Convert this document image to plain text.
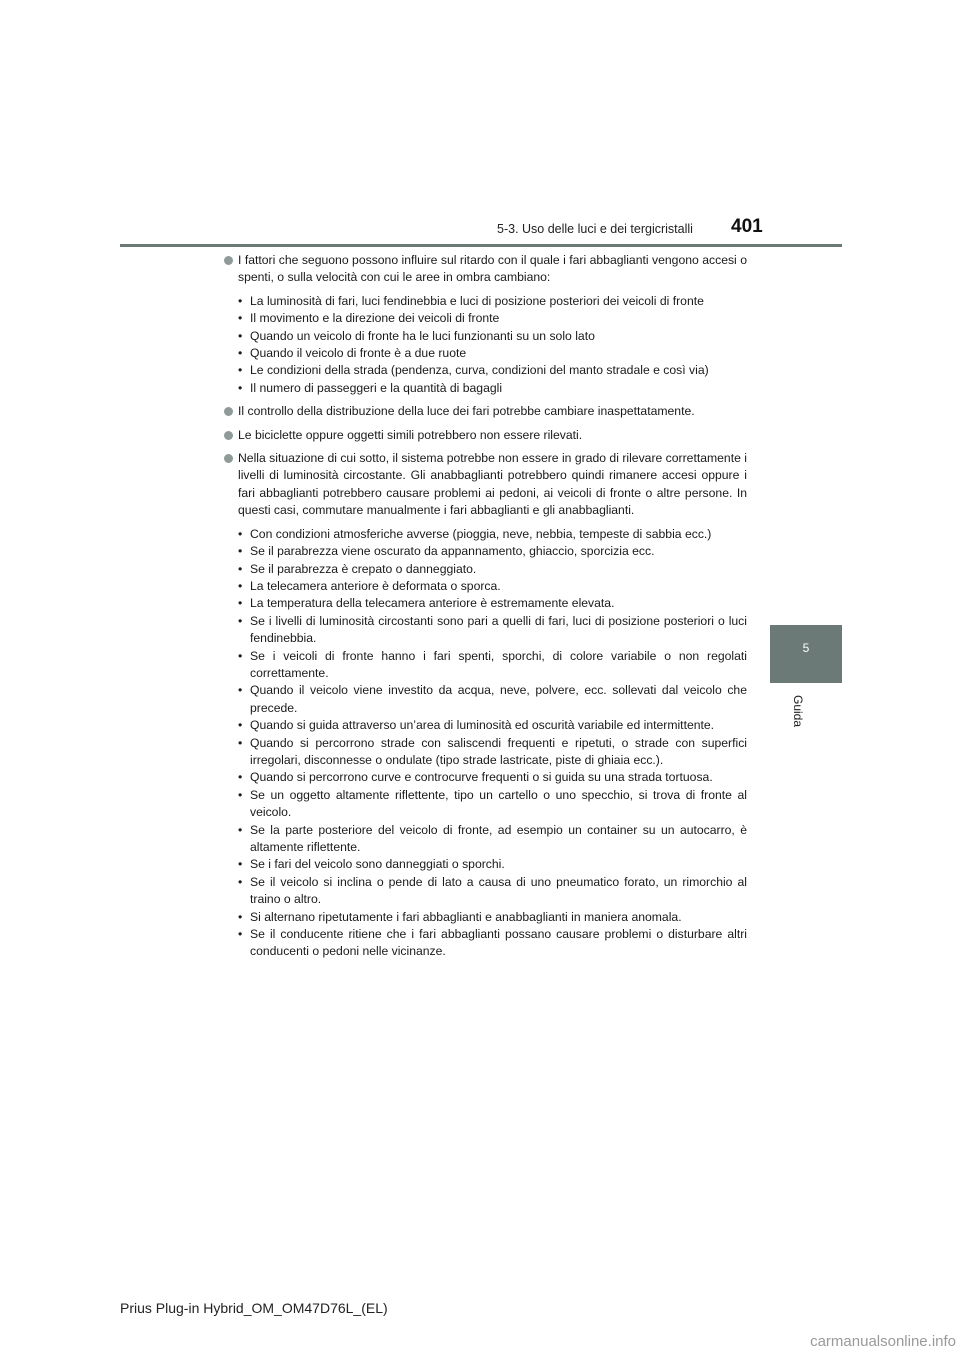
5-3. Uso delle luci e dei tergicristalli 401
5
Guida
I fattori che seguono possono influire sul ritardo con il quale i fari abbaglianti vengono accesi o spenti, o sulla velocità con cui le aree in ombra cambiano:
• La luminosità di fari, luci fendinebbia e luci di posizione posteriori dei veicoli di fronte
• Il movimento e la direzione dei veicoli di fronte
• Quando un veicolo di fronte ha le luci funzionanti su un solo lato
• Quando il veicolo di fronte è a due ruote
• Le condizioni della strada (pendenza, curva, condizioni del manto stradale e così via)
• Il numero di passeggeri e la quantità di bagagli
Il controllo della distribuzione della luce dei fari potrebbe cambiare inaspettatamente.
Le biciclette oppure oggetti simili potrebbero non essere rilevati.
Nella situazione di cui sotto, il sistema potrebbe non essere in grado di rilevare correttamente i livelli di luminosità circostante. Gli anabbaglianti potrebbero quindi rimanere accesi oppure i fari abbaglianti potrebbero causare problemi ai pedoni, ai veicoli di fronte o altre persone. In questi casi, commutare manualmente i fari abbaglianti e gli anabbaglianti.
• Con condizioni atmosferiche avverse (pioggia, neve, nebbia, tempeste di sabbia ecc.)
• Se il parabrezza viene oscurato da appannamento, ghiaccio, sporcizia ecc.
• Se il parabrezza è crepato o danneggiato.
• La telecamera anteriore è deformata o sporca.
• La temperatura della telecamera anteriore è estremamente elevata.
• Se i livelli di luminosità circostanti sono pari a quelli di fari, luci di posizione posteriori o luci fendinebbia.
• Se i veicoli di fronte hanno i fari spenti, sporchi, di colore variabile o non regolati correttamente.
• Quando il veicolo viene investito da acqua, neve, polvere, ecc. sollevati dal veicolo che precede.
• Quando si guida attraverso un’area di luminosità ed oscurità variabile ed intermittente.
• Quando si percorrono strade con saliscendi frequenti e ripetuti, o strade con superfici irregolari, disconnesse o ondulate (tipo strade lastricate, piste di ghiaia ecc.).
• Quando si percorrono curve e controcurve frequenti o si guida su una strada tortuosa.
• Se un oggetto altamente riflettente, tipo un cartello o uno specchio, si trova di fronte al veicolo.
• Se la parte posteriore del veicolo di fronte, ad esempio un container su un autocarro, è altamente riflettente.
• Se i fari del veicolo sono danneggiati o sporchi.
• Se il veicolo si inclina o pende di lato a causa di uno pneumatico forato, un rimorchio al traino o altro.
• Si alternano ripetutamente i fari abbaglianti e anabbaglianti in maniera anomala.
• Se il conducente ritiene che i fari abbaglianti possano causare problemi o disturbare altri conducenti o pedoni nelle vicinanze.
Prius Plug-in Hybrid_OM_OM47D76L_(EL)
carmanualsonline.info
